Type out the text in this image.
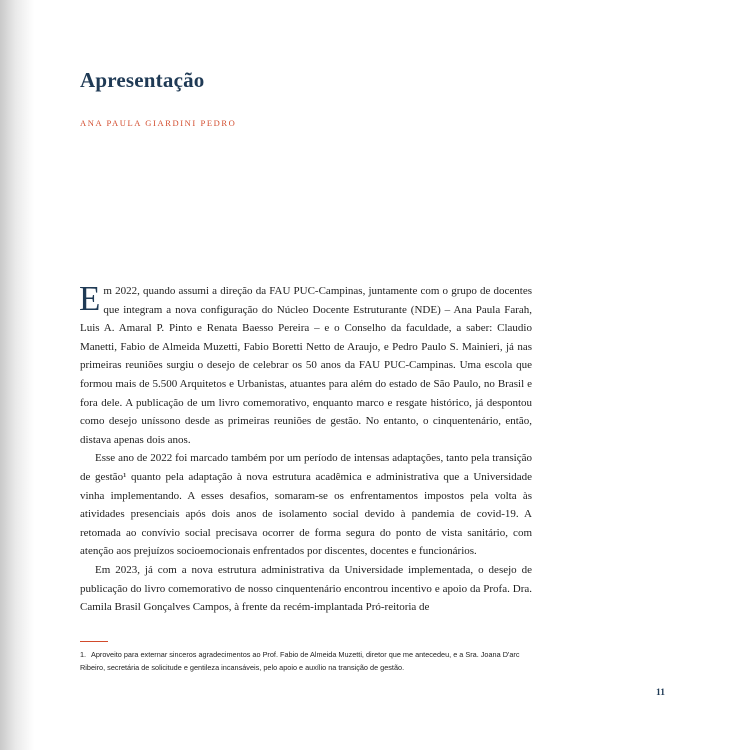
Apresentação
ANA PAULA GIARDINI PEDRO

Em 2022, quando assumi a direção da FAU PUC-Campinas, juntamente com o grupo de docentes que integram a nova configuração do Núcleo Docente Estruturante (NDE) – Ana Paula Farah, Luis A. Amaral P. Pinto e Renata Baesso Pereira – e o Conselho da faculdade, a saber: Claudio Manetti, Fabio de Almeida Muzetti, Fabio Boretti Netto de Araujo, e Pedro Paulo S. Mainieri, já nas primeiras reuniões surgiu o desejo de celebrar os 50 anos da FAU PUC-Campinas. Uma escola que formou mais de 5.500 Arquitetos e Urbanistas, atuantes para além do estado de São Paulo, no Brasil e fora dele. A publicação de um livro comemorativo, enquanto marco e resgate histórico, já despontou como desejo uníssono desde as primeiras reuniões de gestão. No entanto, o cinquentenário, então, distava apenas dois anos.

Esse ano de 2022 foi marcado também por um período de intensas adaptações, tanto pela transição de gestão¹ quanto pela adaptação à nova estrutura acadêmica e administrativa que a Universidade vinha implementando. A esses desafios, somaram-se os enfrentamentos impostos pela volta às atividades presenciais após dois anos de isolamento social devido à pandemia de covid-19. A retomada ao convívio social precisava ocorrer de forma segura do ponto de vista sanitário, com atenção aos prejuízos socioemocionais enfrentados por discentes, docentes e funcionários.

Em 2023, já com a nova estrutura administrativa da Universidade implementada, o desejo de publicação do livro comemorativo de nosso cinquentenário encontrou incentivo e apoio da Profa. Dra. Camila Brasil Gonçalves Campos, à frente da recém-implantada Pró-reitoria de

1. Aproveito para externar sinceros agradecimentos ao Prof. Fabio de Almeida Muzetti, diretor que me antecedeu, e a Sra. Joana D'arc Ribeiro, secretária de solicitude e gentileza incansáveis, pelo apoio e auxílio na transição de gestão.
11
